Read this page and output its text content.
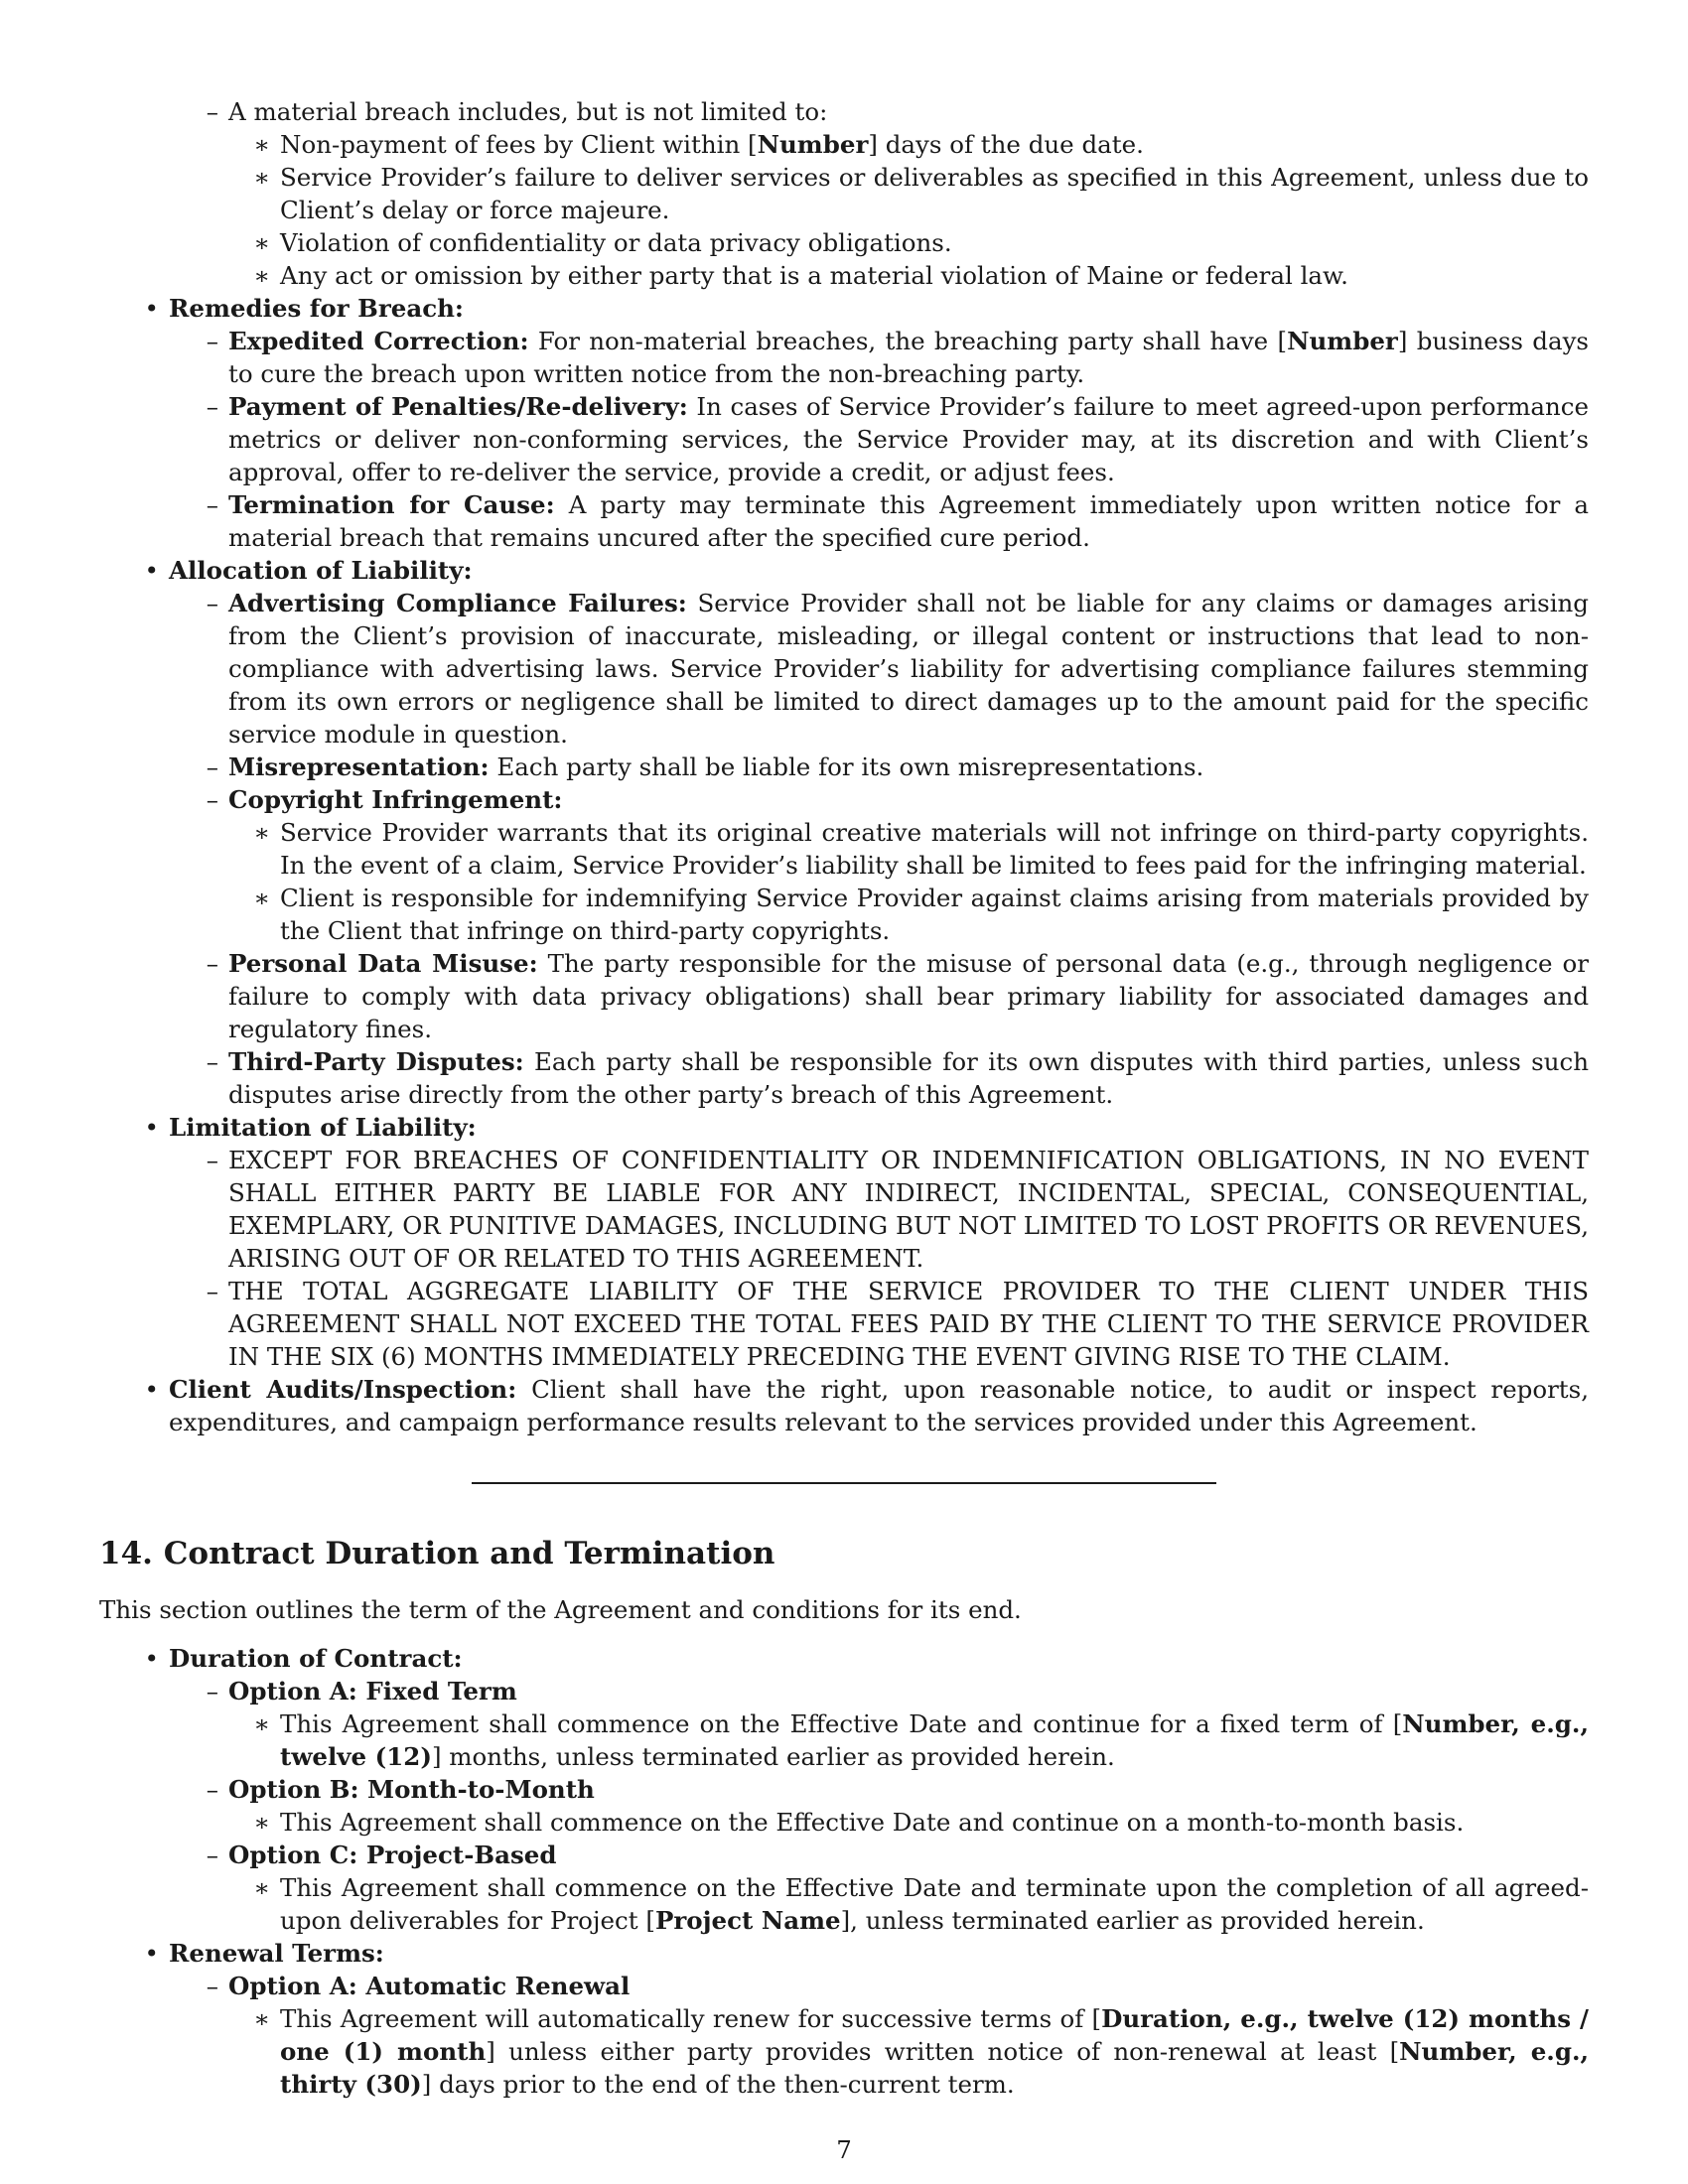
– A material breach includes, but is not limited to:
∗ Non-payment of fees by Client within [Number] days of the due date.
∗ Service Provider’s failure to deliver services or deliverables as specified in this Agreement, unless due to Client’s delay or force majeure.
∗ Violation of confidentiality or data privacy obligations.
∗ Any act or omission by either party that is a material violation of Maine or federal law.
• Remedies for Breach:
– Expedited Correction: For non-material breaches, the breaching party shall have [Number] business days to cure the breach upon written notice from the non-breaching party.
– Payment of Penalties/Re-delivery: In cases of Service Provider’s failure to meet agreed-upon performance metrics or deliver non-conforming services, the Service Provider may, at its discretion and with Client’s approval, offer to re-deliver the service, provide a credit, or adjust fees.
– Termination for Cause: A party may terminate this Agreement immediately upon written notice for a material breach that remains uncured after the specified cure period.
• Allocation of Liability:
– Advertising Compliance Failures: Service Provider shall not be liable for any claims or damages arising from the Client’s provision of inaccurate, misleading, or illegal content or instructions that lead to non-compliance with advertising laws. Service Provider’s liability for advertising compliance failures stemming from its own errors or negligence shall be limited to direct damages up to the amount paid for the specific service module in question.
– Misrepresentation: Each party shall be liable for its own misrepresentations.
– Copyright Infringement:
∗ Service Provider warrants that its original creative materials will not infringe on third-party copyrights. In the event of a claim, Service Provider’s liability shall be limited to fees paid for the infringing material.
∗ Client is responsible for indemnifying Service Provider against claims arising from materials provided by the Client that infringe on third-party copyrights.
– Personal Data Misuse: The party responsible for the misuse of personal data (e.g., through negligence or failure to comply with data privacy obligations) shall bear primary liability for associated damages and regulatory fines.
– Third-Party Disputes: Each party shall be responsible for its own disputes with third parties, unless such disputes arise directly from the other party’s breach of this Agreement.
• Limitation of Liability:
– EXCEPT FOR BREACHES OF CONFIDENTIALITY OR INDEMNIFICATION OBLIGATIONS, IN NO EVENT SHALL EITHER PARTY BE LIABLE FOR ANY INDIRECT, INCIDENTAL, SPECIAL, CONSEQUENTIAL, EXEMPLARY, OR PUNITIVE DAMAGES, INCLUDING BUT NOT LIMITED TO LOST PROFITS OR REVENUES, ARISING OUT OF OR RELATED TO THIS AGREEMENT.
– THE TOTAL AGGREGATE LIABILITY OF THE SERVICE PROVIDER TO THE CLIENT UNDER THIS AGREEMENT SHALL NOT EXCEED THE TOTAL FEES PAID BY THE CLIENT TO THE SERVICE PROVIDER IN THE SIX (6) MONTHS IMMEDIATELY PRECEDING THE EVENT GIVING RISE TO THE CLAIM.
• Client Audits/Inspection: Client shall have the right, upon reasonable notice, to audit or inspect reports, expenditures, and campaign performance results relevant to the services provided under this Agreement.
14. Contract Duration and Termination

This section outlines the term of the Agreement and conditions for its end.

• Duration of Contract:
– Option A: Fixed Term
∗ This Agreement shall commence on the Effective Date and continue for a fixed term of [Number, e.g., twelve (12)] months, unless terminated earlier as provided herein.
– Option B: Month-to-Month
∗ This Agreement shall commence on the Effective Date and continue on a month-to-month basis.
– Option C: Project-Based
∗ This Agreement shall commence on the Effective Date and terminate upon the completion of all agreed-upon deliverables for Project [Project Name], unless terminated earlier as provided herein.
• Renewal Terms:
– Option A: Automatic Renewal
∗ This Agreement will automatically renew for successive terms of [Duration, e.g., twelve (12) months / one (1) month] unless either party provides written notice of non-renewal at least [Number, e.g., thirty (30)] days prior to the end of the then-current term.
7
